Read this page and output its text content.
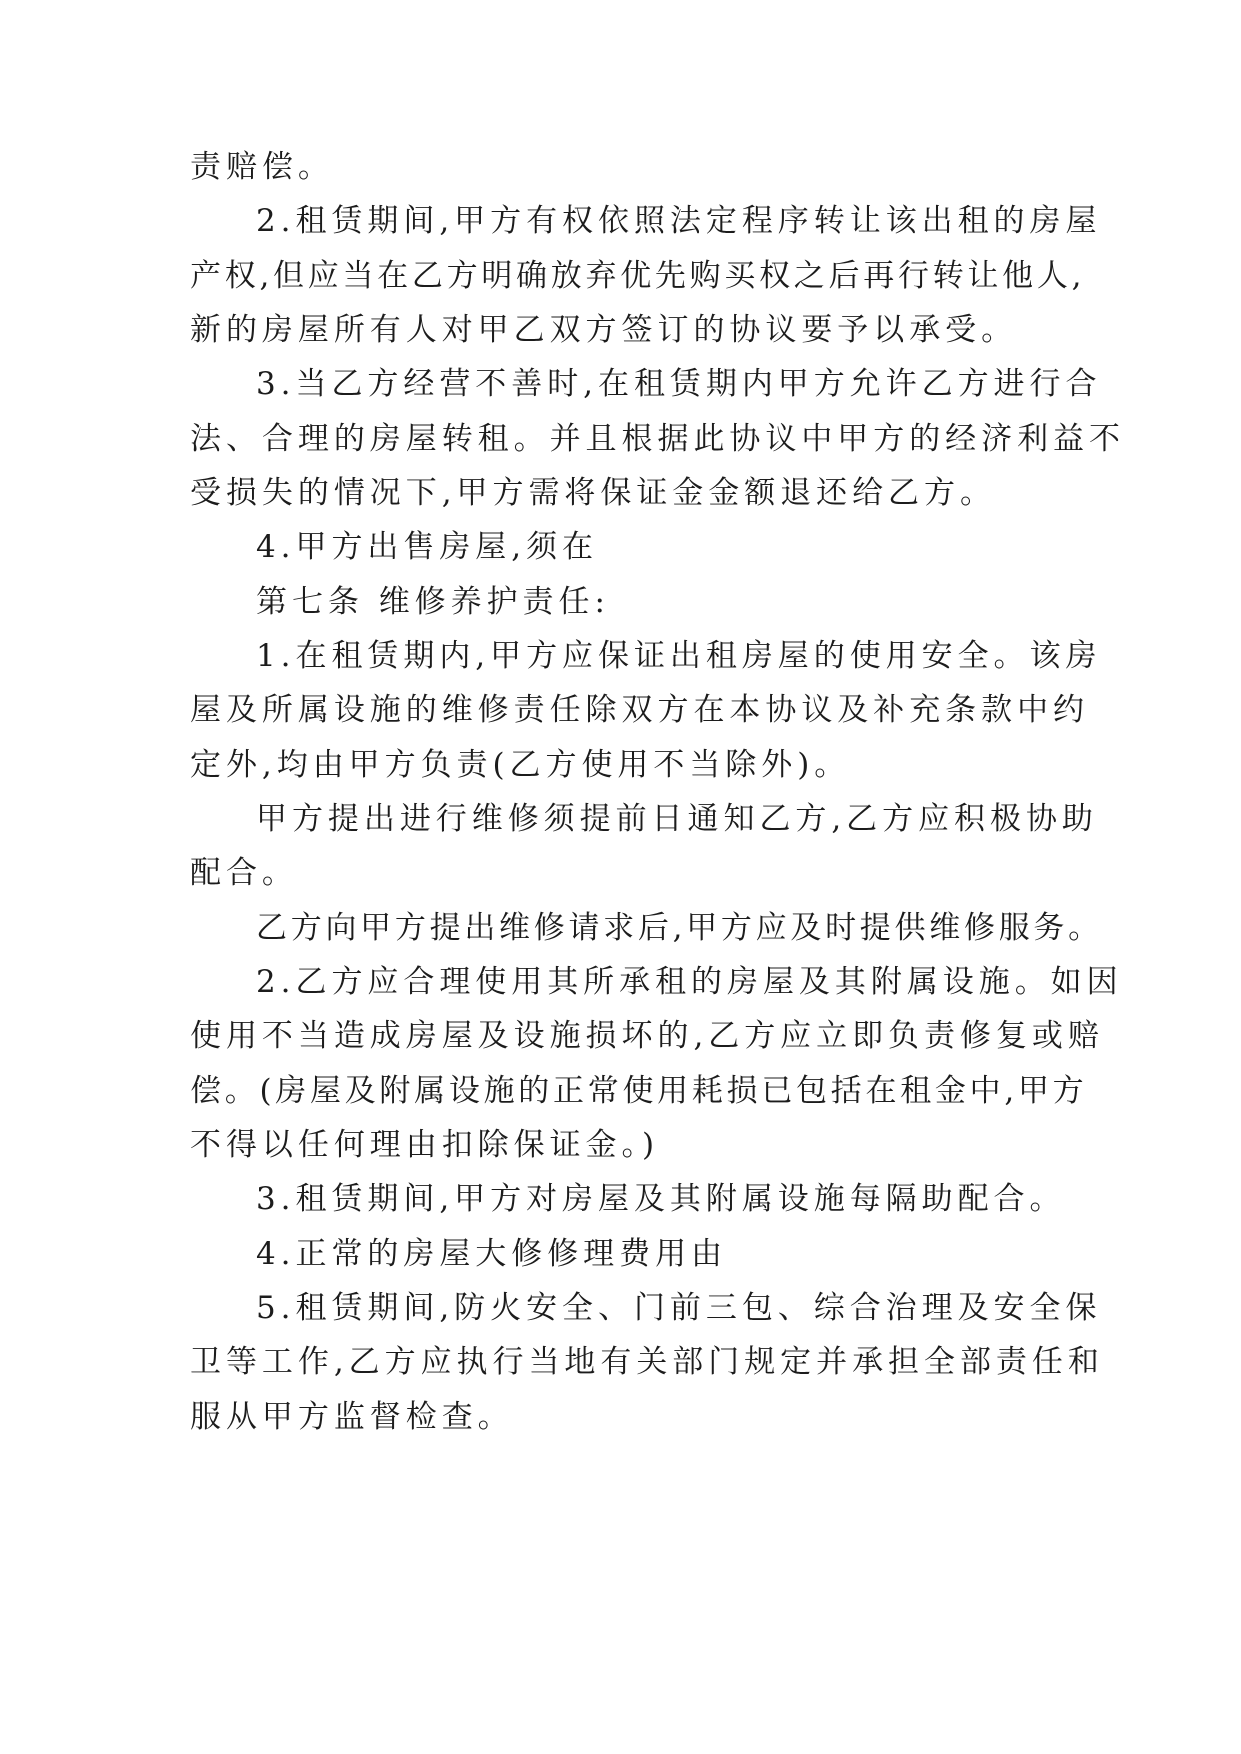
责赔偿。
2.租赁期间,甲方有权依照法定程序转让该出租的房屋
产权,但应当在乙方明确放弃优先购买权之后再行转让他人,
新的房屋所有人对甲乙双方签订的协议要予以承受。
3.当乙方经营不善时,在租赁期内甲方允许乙方进行合
法、合理的房屋转租。并且根据此协议中甲方的经济利益不
受损失的情况下,甲方需将保证金金额退还给乙方。
4.甲方出售房屋,须在
第七条 维修养护责任:
1.在租赁期内,甲方应保证出租房屋的使用安全。该房
屋及所属设施的维修责任除双方在本协议及补充条款中约
定外,均由甲方负责(乙方使用不当除外)。
甲方提出进行维修须提前日通知乙方,乙方应积极协助
配合。
乙方向甲方提出维修请求后,甲方应及时提供维修服务。
2.乙方应合理使用其所承租的房屋及其附属设施。如因
使用不当造成房屋及设施损坏的,乙方应立即负责修复或赔
偿。(房屋及附属设施的正常使用耗损已包括在租金中,甲方
不得以任何理由扣除保证金。)
3.租赁期间,甲方对房屋及其附属设施每隔助配合。
4.正常的房屋大修修理费用由
5.租赁期间,防火安全、门前三包、综合治理及安全保
卫等工作,乙方应执行当地有关部门规定并承担全部责任和
服从甲方监督检查。
